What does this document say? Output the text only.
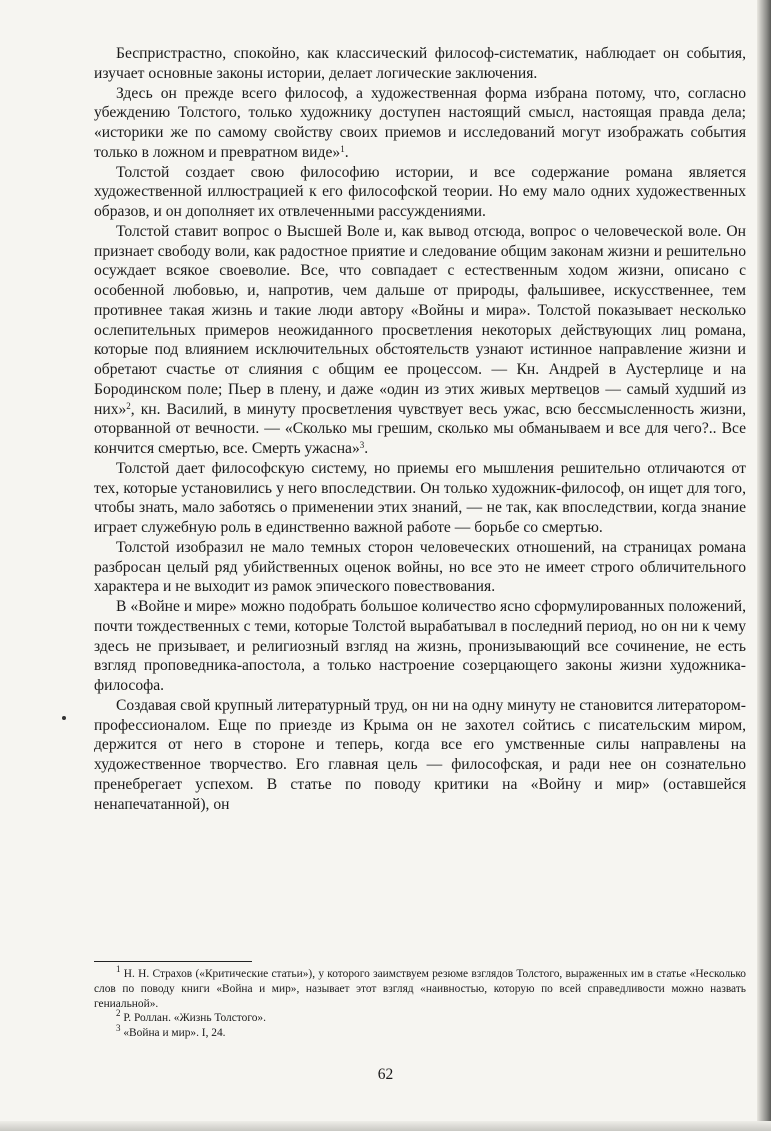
Беспристрастно, спокойно, как классический философ-систематик, наблюдает он события, изучает основные законы истории, делает логические заключения.

Здесь он прежде всего философ, а художественная форма избрана потому, что, согласно убеждению Толстого, только художнику доступен настоящий смысл, настоящая правда дела; «историки же по самому свойству своих приемов и исследований могут изображать события только в ложном и превратном виде»$^1$.

Толстой создает свою философию истории, и все содержание романа является художественной иллюстрацией к его философской теории. Но ему мало одних художественных образов, и он дополняет их отвлеченными рассуждениями.

Толстой ставит вопрос о Высшей Воле и, как вывод отсюда, вопрос о человеческой воле. Он признает свободу воли, как радостное приятие и следование общим законам жизни и решительно осуждает всякое своеволие. Все, что совпадает с естественным ходом жизни, описано с особенной любовью, и, напротив, чем дальше от природы, фальшивее, искусственнее, тем противнее такая жизнь и такие люди автору «Войны и мира». Толстой показывает несколько ослепительных примеров неожиданного просветления некоторых действующих лиц романа, которые под влиянием исключительных обстоятельств узнают истинное направление жизни и обретают счастье от слияния с общим ее процессом. — Кн. Андрей в Аустерлице и на Бородинском поле; Пьер в плену, и даже «один из этих живых мертвецов — самый худший из них»$^2$, кн. Василий, в минуту просветления чувствует весь ужас, всю бессмысленность жизни, оторванной от вечности. — «Сколько мы грешим, сколько мы обманываем и все для чего?.. Все кончится смертью, все. Смерть ужасна»$^3$.

Толстой дает философскую систему, но приемы его мышления решительно отличаются от тех, которые установились у него впоследствии. Он только художник-философ, он ищет для того, чтобы знать, мало заботясь о применении этих знаний, — не так, как впоследствии, когда знание играет служебную роль в единственно важной работе — борьбе со смертью.

Толстой изобразил не мало темных сторон человеческих отношений, на страницах романа разбросан целый ряд убийственных оценок войны, но все это не имеет строго обличительного характера и не выходит из рамок эпического повествования.

В «Войне и мире» можно подобрать большое количество ясно сформулированных положений, почти тождественных с теми, которые Толстой вырабатывал в последний период, но он ни к чему здесь не призывает, и религиозный взгляд на жизнь, пронизывающий все сочинение, не есть взгляд проповедника-апостола, а только настроение созерцающего законы жизни художника-философа.

Создавая свой крупный литературный труд, он ни на одну минуту не становится литератором-профессионалом. Еще по приезде из Крыма он не захотел сойтись с писательским миром, держится от него в стороне и теперь, когда все его умственные силы направлены на художественное творчество. Его главная цель — философская, и ради нее он сознательно пренебрегает успехом. В статье по поводу критики на «Войну и мир» (оставшейся ненапечатанной), он

$^1$ Н. Н. Страхов («Критические статьи»), у которого заимствуем резюме взглядов Толстого, выраженных им в статье «Несколько слов по поводу книги «Война и мир», называет этот взгляд «наивностью, которую по всей справедливости можно назвать гениальной».

$^2$ Р. Роллан. «Жизнь Толстого».

$^3$ «Война и мир». I, 24.

62
